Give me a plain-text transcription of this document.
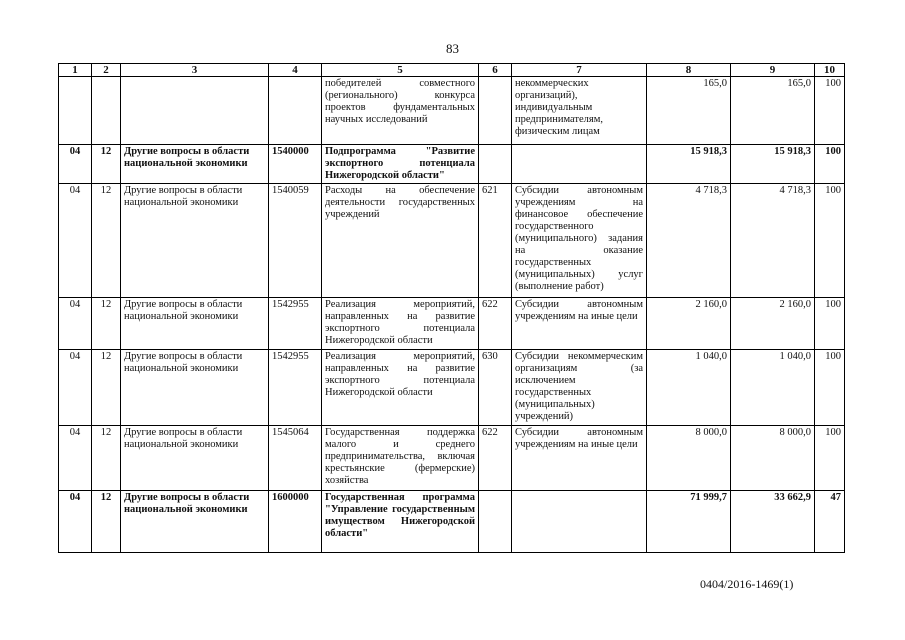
83
1	2	3	4	5	6	7	8	9	10
				победителей совместного (регионального) конкурса проектов фундаментальных научных исследований		некоммерческих организаций), индивидуальным предпринимателям, физическим лицам	165,0	165,0	100
04	12	Другие вопросы в области национальной экономики	1540000	Подпрограмма "Развитие экспортного потенциала Нижегородской области"			15 918,3	15 918,3	100
04	12	Другие вопросы в области национальной экономики	1540059	Расходы на обеспечение деятельности государственных учреждений	621	Субсидии автономным учреждениям на финансовое обеспечение государственного (муниципального) задания на оказание государственных (муниципальных) услуг (выполнение работ)	4 718,3	4 718,3	100
04	12	Другие вопросы в области национальной экономики	1542955	Реализация мероприятий, направленных на развитие экспортного потенциала Нижегородской области	622	Субсидии автономным учреждениям на иные цели	2 160,0	2 160,0	100
04	12	Другие вопросы в области национальной экономики	1542955	Реализация мероприятий, направленных на развитие экспортного потенциала Нижегородской области	630	Субсидии некоммерческим организациям (за исключением государственных (муниципальных) учреждений)	1 040,0	1 040,0	100
04	12	Другие вопросы в области национальной экономики	1545064	Государственная поддержка малого и среднего предпринимательства, включая крестьянские (фермерские) хозяйства	622	Субсидии автономным учреждениям на иные цели	8 000,0	8 000,0	100
04	12	Другие вопросы в области национальной экономики	1600000	Государственная программа "Управление государственным имуществом Нижегородской области"			71 999,7	33 662,9	47
0404/2016-1469(1)
